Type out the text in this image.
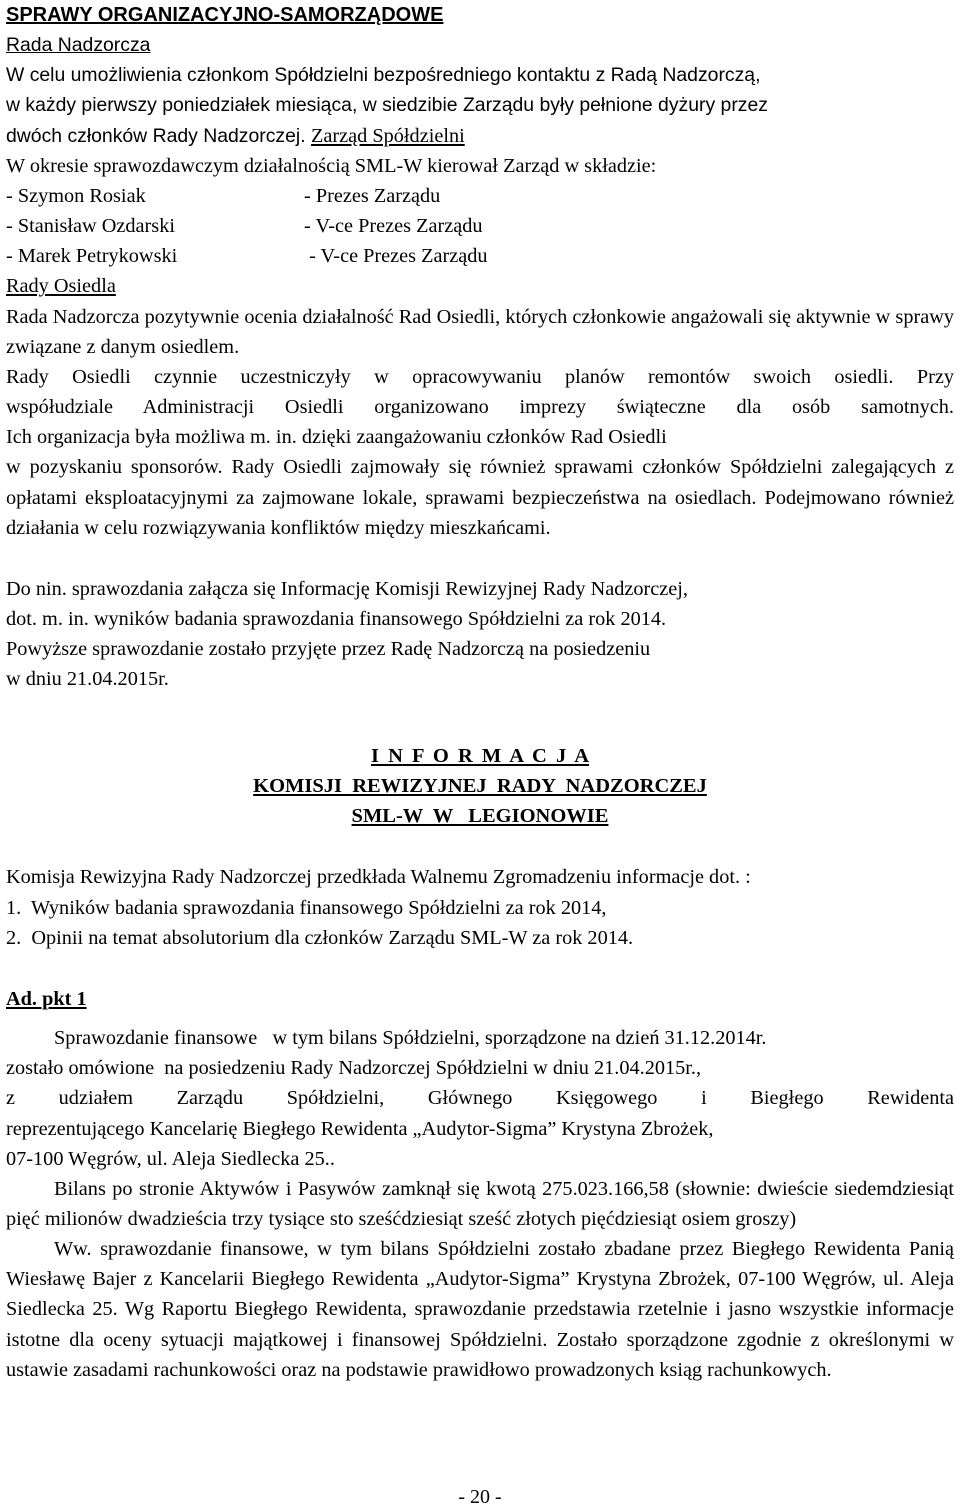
SPRAWY ORGANIZACYJNO-SAMORZĄDOWE
Rada Nadzorcza
W celu umożliwienia członkom Spółdzielni bezpośredniego kontaktu z Radą Nadzorczą,
w każdy pierwszy poniedziałek miesiąca, w siedzibie Zarządu były pełnione dyżury przez
dwóch członków Rady Nadzorczej. Zarząd Spółdzielni
W okresie sprawozdawczym działalnością SML-W kierował Zarząd w składzie:
- Szymon Rosiak	- Prezes Zarządu
- Stanisław Ozdarski	- V-ce Prezes Zarządu
- Marek Petrykowski	- V-ce Prezes Zarządu
Rady Osiedla

Rada Nadzorcza pozytywnie ocenia działalność Rad Osiedli, których członkowie angażowali się aktywnie w sprawy związane z danym osiedlem.

Rady Osiedli czynnie uczestniczyły w opracowywaniu planów remontów swoich osiedli. Przy
współudziale Administracji Osiedli organizowano imprezy świąteczne dla osób samotnych.
Ich organizacja była możliwa m. in. dzięki zaangażowaniu członków Rad Osiedli

w pozyskaniu sponsorów. Rady Osiedli zajmowały się również sprawami członków Spółdzielni zalegających z opłatami eksploatacyjnymi za zajmowane lokale, sprawami bezpieczeństwa na osiedlach. Podejmowano również działania w celu rozwiązywania konfliktów między mieszkańcami.

Do nin. sprawozdania załącza się Informację Komisji Rewizyjnej Rady Nadzorczej,
dot. m. in. wyników badania sprawozdania finansowego Spółdzielni za rok 2014.
Powyższe sprawozdanie zostało przyjęte przez Radę Nadzorczą na posiedzeniu
w dniu 21.04.2015r.
I N F O R M A C J A
KOMISJI  REWIZYJNEJ  RADY  NADZORCZEJ
SML-W  W   LEGIONOWIE
Komisja Rewizyjna Rady Nadzorczej przedkłada Walnemu Zgromadzeniu informacje dot. :
1.  Wyników badania sprawozdania finansowego Spółdzielni za rok 2014,
2.  Opinii na temat absolutorium dla członków Zarządu SML-W za rok 2014.
Ad. pkt 1
Sprawozdanie finansowe   w tym bilans Spółdzielni, sporządzone na dzień 31.12.2014r.
zostało omówione  na posiedzeniu Rady Nadzorczej Spółdzielni w dniu 21.04.2015r.,
z udziałem Zarządu Spółdzielni, Głównego Księgowego i Biegłego Rewidenta
reprezentującego Kancelarię Biegłego Rewidenta „Audytor-Sigma” Krystyna Zbrożek,
07-100 Węgrów, ul. Aleja Siedlecka 25..

Bilans po stronie Aktywów i Pasywów zamknął się kwotą 275.023.166,58 (słownie: dwieście siedemdziesiąt pięć milionów dwadzieścia trzy tysiące sto sześćdziesiąt sześć złotych pięćdziesiąt osiem groszy)

Ww. sprawozdanie finansowe, w tym bilans Spółdzielni zostało zbadane przez Biegłego Rewidenta Panią Wiesławę Bajer z Kancelarii Biegłego Rewidenta „Audytor-Sigma” Krystyna Zbrożek, 07-100 Węgrów, ul. Aleja Siedlecka 25. Wg Raportu Biegłego Rewidenta, sprawozdanie przedstawia rzetelnie i jasno wszystkie informacje istotne dla oceny sytuacji majątkowej i finansowej Spółdzielni. Zostało sporządzone zgodnie z określonymi w ustawie zasadami rachunkowości oraz na podstawie prawidłowo prowadzonych ksiąg rachunkowych.

- 20 -
